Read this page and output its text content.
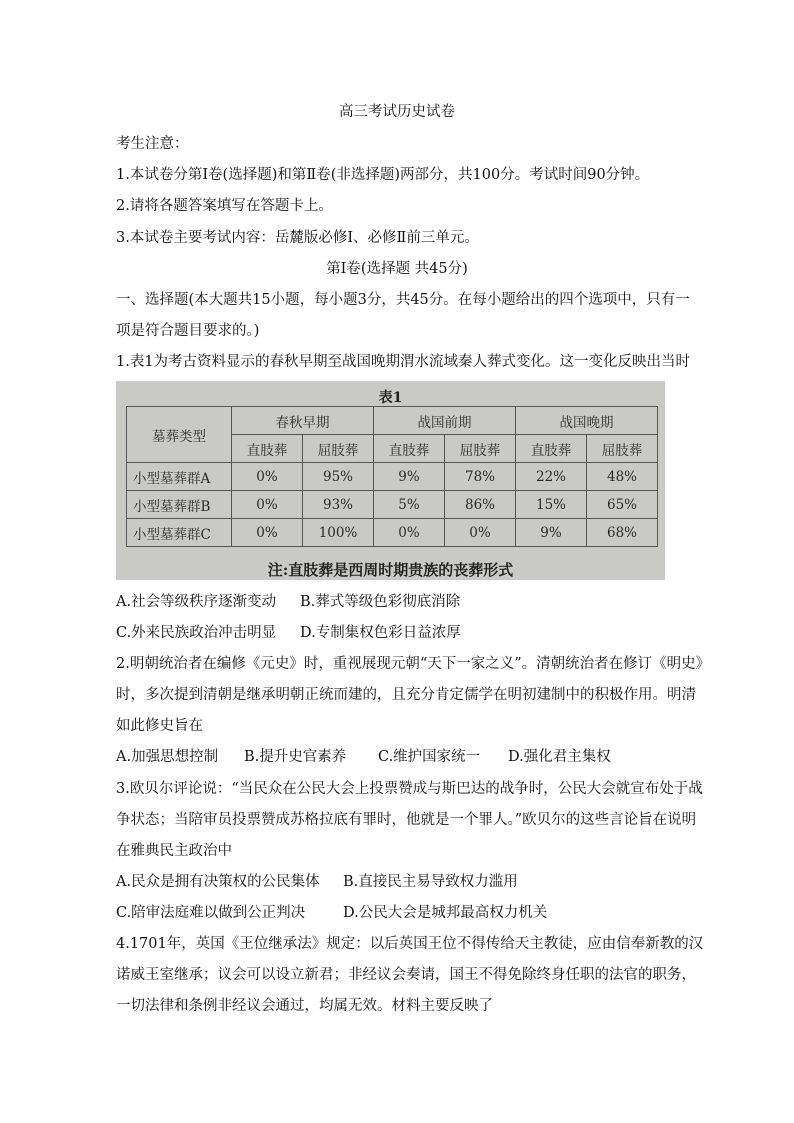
高三考试历史试卷
考生注意：
1.本试卷分第Ⅰ卷(选择题)和第Ⅱ卷(非选择题)两部分，共100分。考试时间90分钟。
2.请将各题答案填写在答题卡上。
3.本试卷主要考试内容：岳麓版必修Ⅰ、必修Ⅱ前三单元。
第Ⅰ卷(选择题 共45分)
一、选择题(本大题共15小题，每小题3分，共45分。在每小题给出的四个选项中，只有一
项是符合题目要求的。)
1.表1为考古资料显示的春秋早期至战国晚期渭水流域秦人葬式变化。这一变化反映出当时
表1
墓葬类型	春秋早期		战国前期		战国晚期	
	直肢葬	屈肢葬	直肢葬	屈肢葬	直肢葬	屈肢葬
小型墓葬群A	0%	95%	9%	78%	22%	48%
小型墓葬群B	0%	93%	5%	86%	15%	65%
小型墓葬群C	0%	100%	0%	0%	9%	68%
注:直肢葬是西周时期贵族的丧葬形式
A.社会等级秩序逐渐变动 B.葬式等级色彩彻底消除
C.外来民族政治冲击明显 D.专制集权色彩日益浓厚
2.明朝统治者在编修《元史》时，重视展现元朝“天下一家之义”。清朝统治者在修订《明史》
时，多次提到清朝是继承明朝正统而建的，且充分肯定儒学在明初建制中的积极作用。明清
如此修史旨在
A.加强思想控制 B.提升史官素养 C.维护国家统一 D.强化君主集权
3.欧贝尔评论说：“当民众在公民大会上投票赞成与斯巴达的战争时，公民大会就宣布处于战
争状态；当陪审员投票赞成苏格拉底有罪时，他就是一个罪人。”欧贝尔的这些言论旨在说明
在雅典民主政治中
A.民众是拥有决策权的公民集体 B.直接民主易导致权力滥用
C.陪审法庭难以做到公正判决	D.公民大会是城邦最高权力机关
4.1701年，英国《王位继承法》规定：以后英国王位不得传给天主教徒，应由信奉新教的汉
诺威王室继承；议会可以设立新君；非经议会奏请，国王不得免除终身任职的法官的职务，
一切法律和条例非经议会通过，均属无效。材料主要反映了
